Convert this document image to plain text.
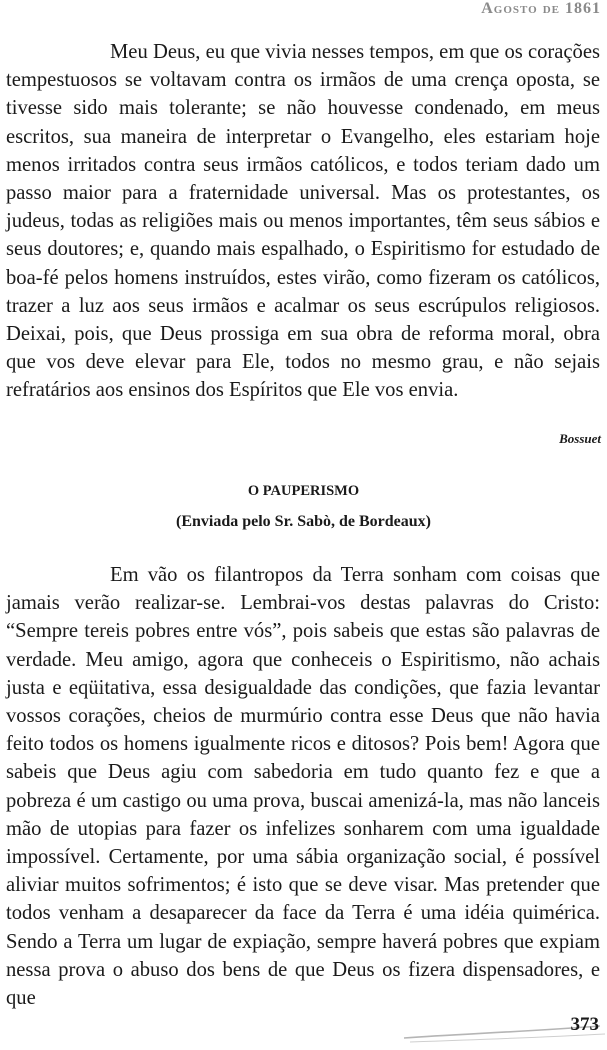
Agosto de 1861

Meu Deus, eu que vivia nesses tempos, em que os corações tempestuosos se voltavam contra os irmãos de uma crença oposta, se tivesse sido mais tolerante; se não houvesse condenado, em meus escritos, sua maneira de interpretar o Evangelho, eles estariam hoje menos irritados contra seus irmãos católicos, e todos teriam dado um passo maior para a fraternidade universal. Mas os protestantes, os judeus, todas as religiões mais ou menos importantes, têm seus sábios e seus doutores; e, quando mais espalhado, o Espiritismo for estudado de boa-fé pelos homens instruídos, estes virão, como fizeram os católicos, trazer a luz aos seus irmãos e acalmar os seus escrúpulos religiosos. Deixai, pois, que Deus prossiga em sua obra de reforma moral, obra que vos deve elevar para Ele, todos no mesmo grau, e não sejais refratários aos ensinos dos Espíritos que Ele vos envia.

Bossuet
O PAUPERISMO
(Enviada pelo Sr. Sabò, de Bordeaux)

Em vão os filantropos da Terra sonham com coisas que jamais verão realizar-se. Lembrai-vos destas palavras do Cristo: “Sempre tereis pobres entre vós”, pois sabeis que estas são palavras de verdade. Meu amigo, agora que conheceis o Espiritismo, não achais justa e eqüitativa, essa desigualdade das condições, que fazia levantar vossos corações, cheios de murmúrio contra esse Deus que não havia feito todos os homens igualmente ricos e ditosos? Pois bem! Agora que sabeis que Deus agiu com sabedoria em tudo quanto fez e que a pobreza é um castigo ou uma prova, buscai amenizá-la, mas não lanceis mão de utopias para fazer os infelizes sonharem com uma igualdade impossível. Certamente, por uma sábia organização social, é possível aliviar muitos sofrimentos; é isto que se deve visar. Mas pretender que todos venham a desaparecer da face da Terra é uma idéia quimérica. Sendo a Terra um lugar de expiação, sempre haverá pobres que expiam nessa prova o abuso dos bens de que Deus os fizera dispensadores, e que

373
